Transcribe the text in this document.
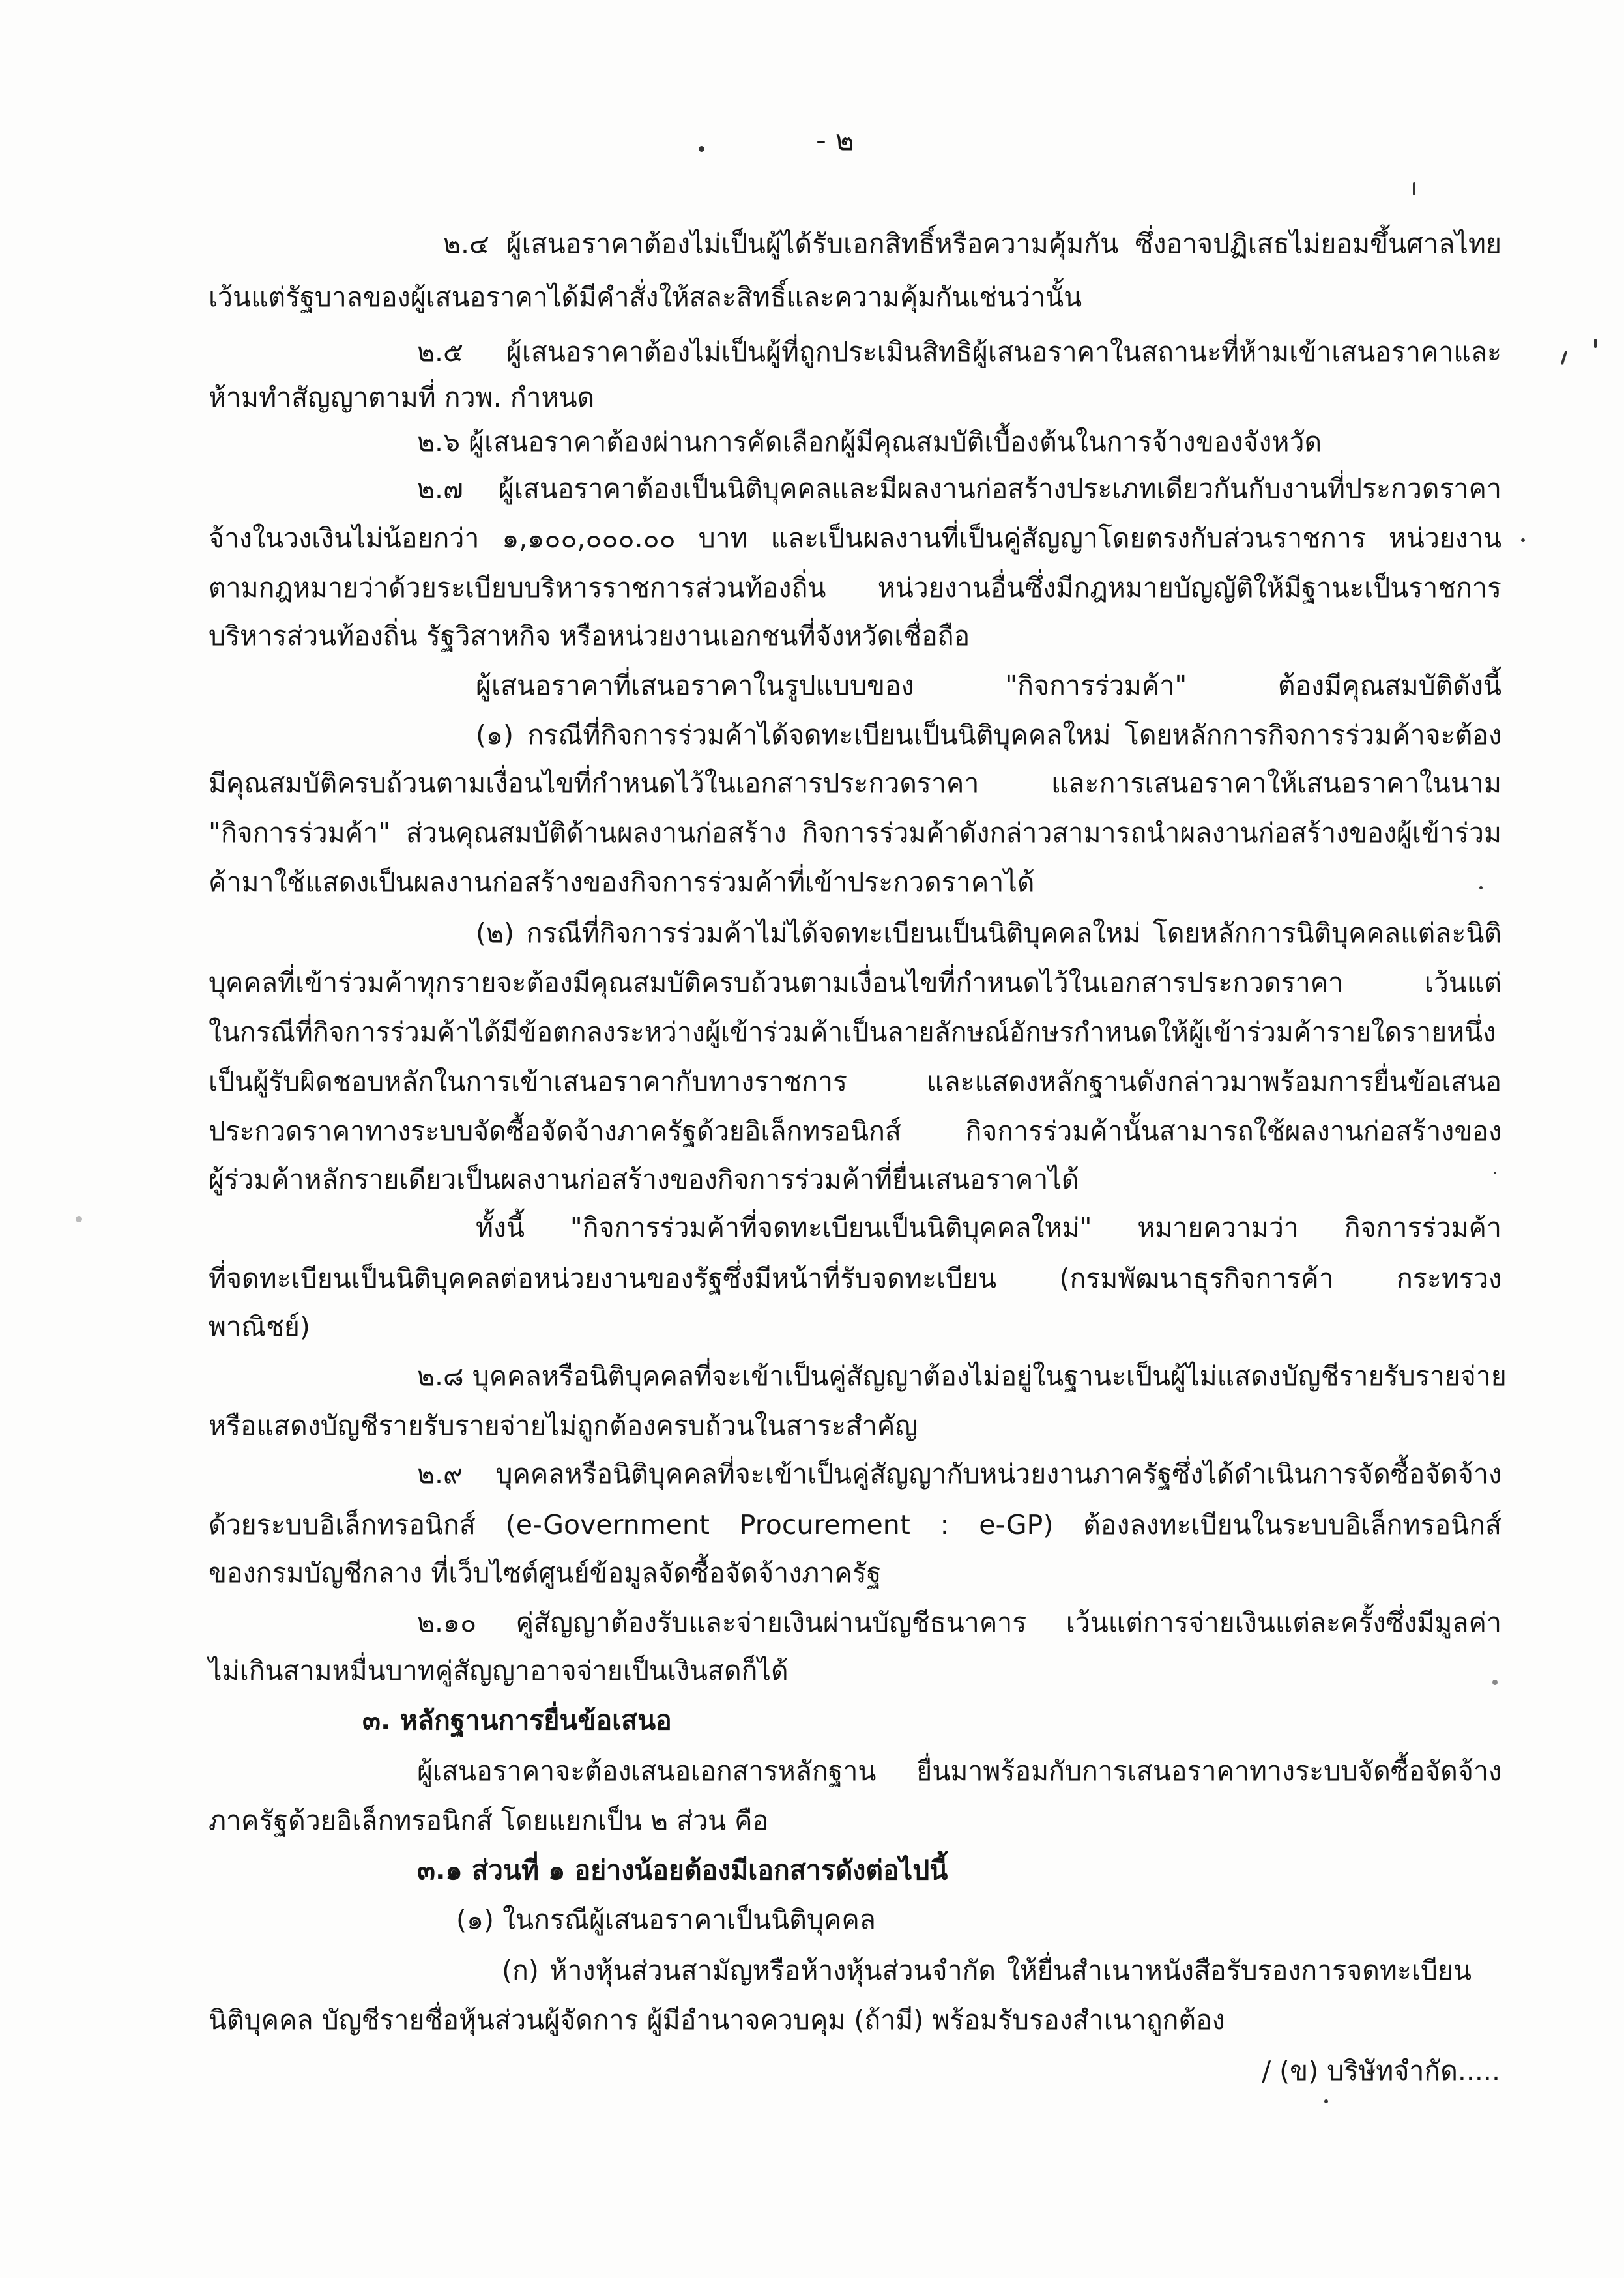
- ๒

๒.๔ ผู้เสนอราคาต้องไม่เป็นผู้ได้รับเอกสิทธิ์หรือความคุ้มกัน ซึ่งอาจปฏิเสธไม่ยอมขึ้นศาลไทย

เว้นแต่รัฐบาลของผู้เสนอราคาได้มีคำสั่งให้สละสิทธิ์และความคุ้มกันเช่นว่านั้น

๒.๕ ผู้เสนอราคาต้องไม่เป็นผู้ที่ถูกประเมินสิทธิผู้เสนอราคาในสถานะที่ห้ามเข้าเสนอราคาและ

ห้ามทำสัญญาตามที่ กวพ. กำหนด

๒.๖ ผู้เสนอราคาต้องผ่านการคัดเลือกผู้มีคุณสมบัติเบื้องต้นในการจ้างของจังหวัด

๒.๗ ผู้เสนอราคาต้องเป็นนิติบุคคลและมีผลงานก่อสร้างประเภทเดียวกันกับงานที่ประกวดราคา

จ้างในวงเงินไม่น้อยกว่า ๑,๑๐๐,๐๐๐.๐๐ บาท และเป็นผลงานที่เป็นคู่สัญญาโดยตรงกับส่วนราชการ หน่วยงาน

ตามกฎหมายว่าด้วยระเบียบบริหารราชการส่วนท้องถิ่น หน่วยงานอื่นซึ่งมีกฎหมายบัญญัติให้มีฐานะเป็นราชการ

บริหารส่วนท้องถิ่น รัฐวิสาหกิจ หรือหน่วยงานเอกชนที่จังหวัดเชื่อถือ

ผู้เสนอราคาที่เสนอราคาในรูปแบบของ "กิจการร่วมค้า" ต้องมีคุณสมบัติดังนี้

(๑) กรณีที่กิจการร่วมค้าได้จดทะเบียนเป็นนิติบุคคลใหม่ โดยหลักการกิจการร่วมค้าจะต้อง

มีคุณสมบัติครบถ้วนตามเงื่อนไขที่กำหนดไว้ในเอกสารประกวดราคา และการเสนอราคาให้เสนอราคาในนาม

"กิจการร่วมค้า" ส่วนคุณสมบัติด้านผลงานก่อสร้าง กิจการร่วมค้าดังกล่าวสามารถนำผลงานก่อสร้างของผู้เข้าร่วม

ค้ามาใช้แสดงเป็นผลงานก่อสร้างของกิจการร่วมค้าที่เข้าประกวดราคาได้

(๒) กรณีที่กิจการร่วมค้าไม่ได้จดทะเบียนเป็นนิติบุคคลใหม่ โดยหลักการนิติบุคคลแต่ละนิติ

บุคคลที่เข้าร่วมค้าทุกรายจะต้องมีคุณสมบัติครบถ้วนตามเงื่อนไขที่กำหนดไว้ในเอกสารประกวดราคา เว้นแต่

ในกรณีที่กิจการร่วมค้าได้มีข้อตกลงระหว่างผู้เข้าร่วมค้าเป็นลายลักษณ์อักษรกำหนดให้ผู้เข้าร่วมค้ารายใดรายหนึ่ง

เป็นผู้รับผิดชอบหลักในการเข้าเสนอราคากับทางราชการ และแสดงหลักฐานดังกล่าวมาพร้อมการยื่นข้อเสนอ

ประกวดราคาทางระบบจัดซื้อจัดจ้างภาครัฐด้วยอิเล็กทรอนิกส์ กิจการร่วมค้านั้นสามารถใช้ผลงานก่อสร้างของ

ผู้ร่วมค้าหลักรายเดียวเป็นผลงานก่อสร้างของกิจการร่วมค้าที่ยื่นเสนอราคาได้

ทั้งนี้ "กิจการร่วมค้าที่จดทะเบียนเป็นนิติบุคคลใหม่" หมายความว่า กิจการร่วมค้า

ที่จดทะเบียนเป็นนิติบุคคลต่อหน่วยงานของรัฐซึ่งมีหน้าที่รับจดทะเบียน (กรมพัฒนาธุรกิจการค้า กระทรวง

พาณิชย์)

๒.๘ บุคคลหรือนิติบุคคลที่จะเข้าเป็นคู่สัญญาต้องไม่อยู่ในฐานะเป็นผู้ไม่แสดงบัญชีรายรับรายจ่าย

หรือแสดงบัญชีรายรับรายจ่ายไม่ถูกต้องครบถ้วนในสาระสำคัญ

๒.๙ บุคคลหรือนิติบุคคลที่จะเข้าเป็นคู่สัญญากับหน่วยงานภาครัฐซึ่งได้ดำเนินการจัดซื้อจัดจ้าง

ด้วยระบบอิเล็กทรอนิกส์ (e-Government Procurement : e-GP) ต้องลงทะเบียนในระบบอิเล็กทรอนิกส์

ของกรมบัญชีกลาง ที่เว็บไซต์ศูนย์ข้อมูลจัดซื้อจัดจ้างภาครัฐ

๒.๑๐ คู่สัญญาต้องรับและจ่ายเงินผ่านบัญชีธนาคาร เว้นแต่การจ่ายเงินแต่ละครั้งซึ่งมีมูลค่า

ไม่เกินสามหมื่นบาทคู่สัญญาอาจจ่ายเป็นเงินสดก็ได้

๓. หลักฐานการยื่นข้อเสนอ

ผู้เสนอราคาจะต้องเสนอเอกสารหลักฐาน ยื่นมาพร้อมกับการเสนอราคาทางระบบจัดซื้อจัดจ้าง

ภาครัฐด้วยอิเล็กทรอนิกส์ โดยแยกเป็น ๒ ส่วน คือ

๓.๑ ส่วนที่ ๑ อย่างน้อยต้องมีเอกสารดังต่อไปนี้

(๑) ในกรณีผู้เสนอราคาเป็นนิติบุคคล

(ก) ห้างหุ้นส่วนสามัญหรือห้างหุ้นส่วนจำกัด ให้ยื่นสำเนาหนังสือรับรองการจดทะเบียน

นิติบุคคล บัญชีรายชื่อหุ้นส่วนผู้จัดการ ผู้มีอำนาจควบคุม (ถ้ามี) พร้อมรับรองสำเนาถูกต้อง

/ (ข) บริษัทจำกัด.....
